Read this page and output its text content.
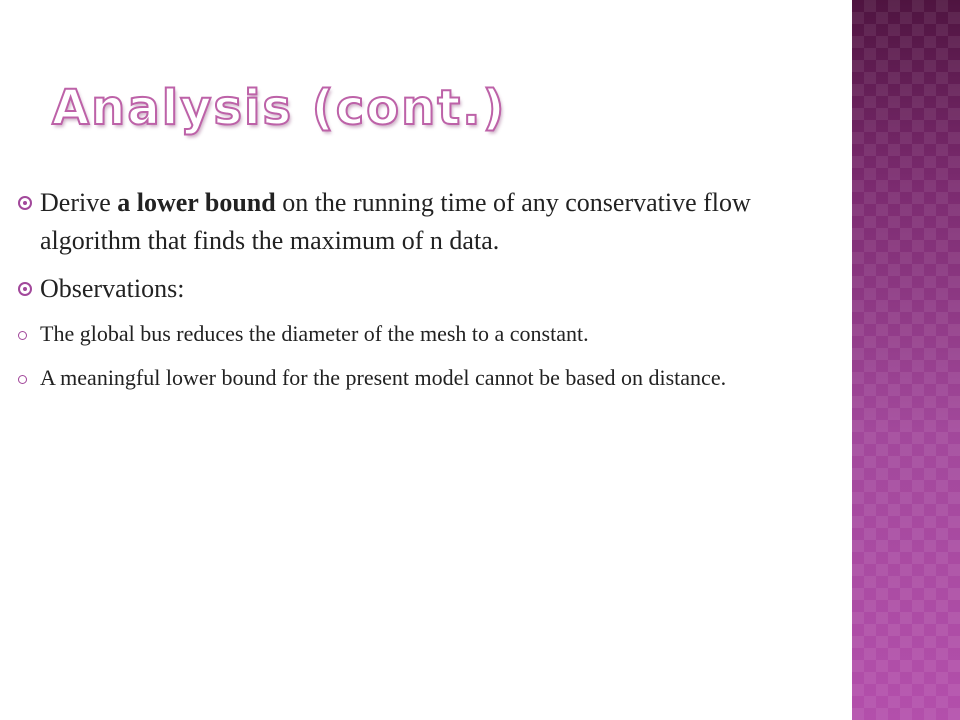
Analysis (cont.)
Derive a lower bound on the running time of any conservative flow algorithm that finds the maximum of n data.
Observations:
The global bus reduces the diameter of the mesh to a constant.
A meaningful lower bound for the present model cannot be based on distance.
